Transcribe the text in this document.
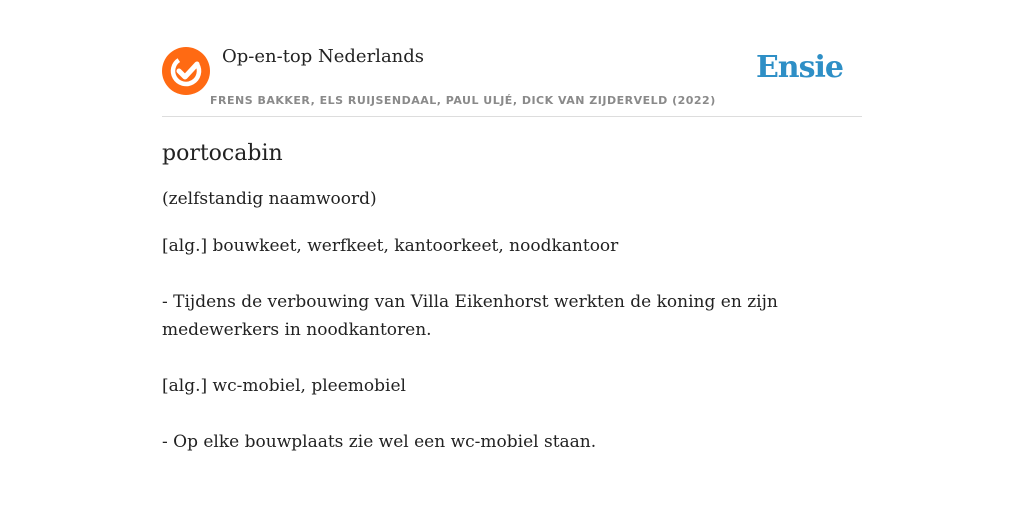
Op-en-top Nederlands
FRENS BAKKER, ELS RUIJSENDAAL, PAUL ULJÉ, DICK VAN ZIJDERVELD (2022)
Ensie
portocabin
(zelfstandig naamwoord)
[alg.] bouwkeet, werfkeet, kantoorkeet, noodkantoor
- Tijdens de verbouwing van Villa Eikenhorst werkten de koning en zijn medewerkers in noodkantoren.
[alg.] wc-mobiel, pleemobiel
- Op elke bouwplaats zie wel een wc-mobiel staan.
